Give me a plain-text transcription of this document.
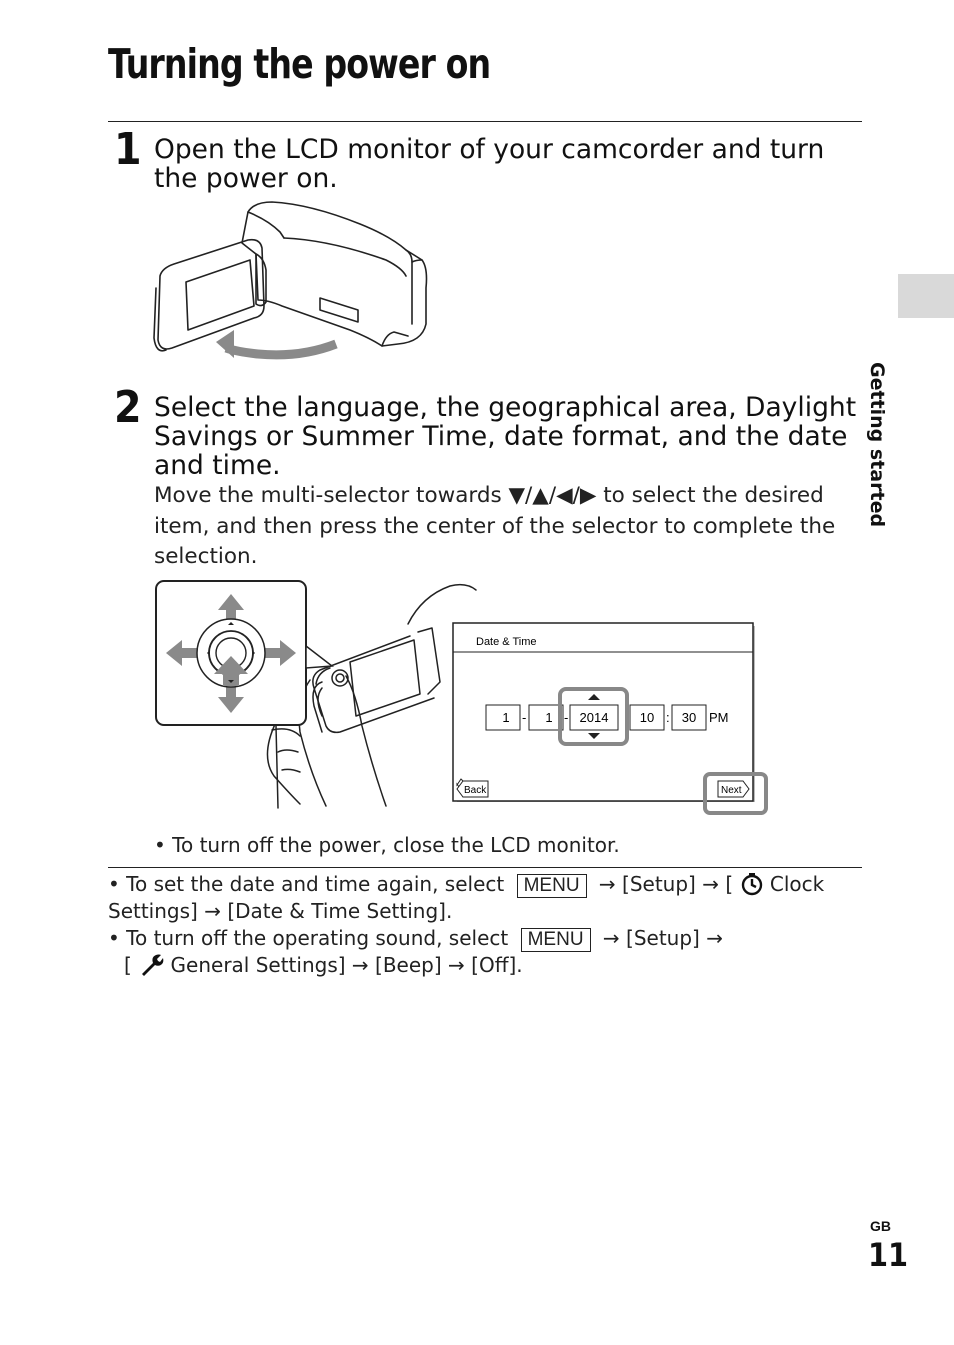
Turning the power on
Getting started
1 Open the LCD monitor of your camcorder and turn the power on.
2 Select the language, the geographical area, Daylight Savings or Summer Time, date format, and the date and time.
Move the multi-selector towards ▼/▲/◀/▶ to select the desired item, and then press the center of the selector to complete the selection.
Date & Time
1 - 1 - 2014 10 : 30 PM
Back	Next
• To turn off the power, close the LCD monitor.
• To set the date and time again, select MENU → [Setup] → [ Clock Settings] → [Date & Time Setting].
• To turn off the operating sound, select MENU → [Setup] →
[ General Settings] → [Beep] → [Off].
GB
11
